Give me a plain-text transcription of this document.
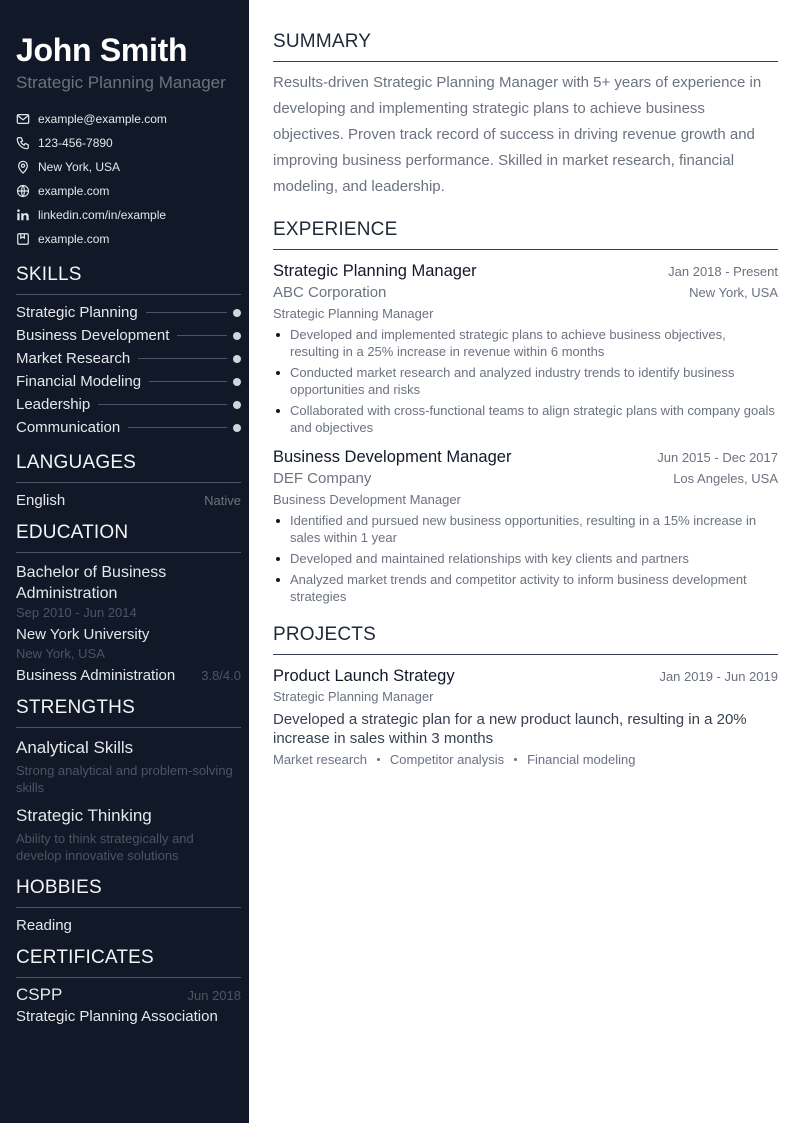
John Smith
Strategic Planning Manager
example@example.com
123-456-7890
New York, USA
example.com
linkedin.com/in/example
example.com
SKILLS
Strategic Planning
Business Development
Market Research
Financial Modeling
Leadership
Communication
LANGUAGES
English	Native
EDUCATION
Bachelor of Business Administration
Sep 2010 - Jun 2014
New York University
New York, USA
Business Administration 3.8/4.0
STRENGTHS
Analytical Skills
Strong analytical and problem-solving skills
Strategic Thinking
Ability to think strategically and develop innovative solutions
HOBBIES
Reading
CERTIFICATES
CSPP	Jun 2018
Strategic Planning Association
SUMMARY
Results-driven Strategic Planning Manager with 5+ years of experience in developing and implementing strategic plans to achieve business objectives. Proven track record of success in driving revenue growth and improving business performance. Skilled in market research, financial modeling, and leadership.
EXPERIENCE
Strategic Planning Manager	Jan 2018 - Present
ABC Corporation	New York, USA
Strategic Planning Manager
Developed and implemented strategic plans to achieve business objectives, resulting in a 25% increase in revenue within 6 months
Conducted market research and analyzed industry trends to identify business opportunities and risks
Collaborated with cross-functional teams to align strategic plans with company goals and objectives
Business Development Manager	Jun 2015 - Dec 2017
DEF Company	Los Angeles, USA
Business Development Manager
Identified and pursued new business opportunities, resulting in a 15% increase in sales within 1 year
Developed and maintained relationships with key clients and partners
Analyzed market trends and competitor activity to inform business development strategies
PROJECTS
Product Launch Strategy	Jan 2019 - Jun 2019
Strategic Planning Manager
Developed a strategic plan for a new product launch, resulting in a 20% increase in sales within 3 months
Market research Competitor analysis Financial modeling
